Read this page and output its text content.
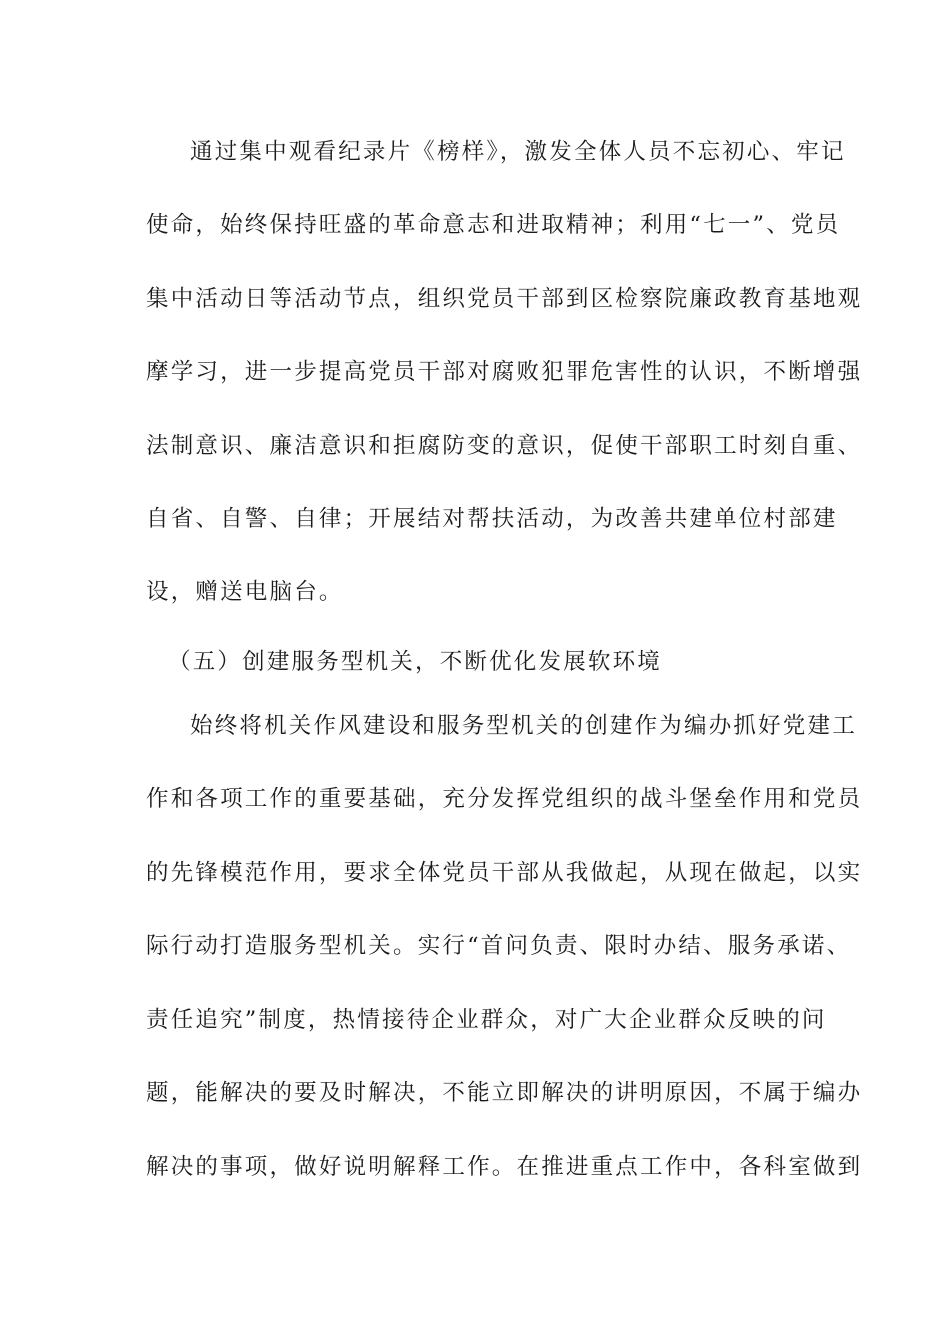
通过集中观看纪录片《榜样》，激发全体人员不忘初心、牢记
使命，始终保持旺盛的革命意志和进取精神；利用“七一”、党员
集中活动日等活动节点，组织党员干部到区检察院廉政教育基地观
摩学习，进一步提高党员干部对腐败犯罪危害性的认识，不断增强
法制意识、廉洁意识和拒腐防变的意识，促使干部职工时刻自重、
自省、自警、自律；开展结对帮扶活动，为改善共建单位村部建
设，赠送电脑台。
（五）创建服务型机关，不断优化发展软环境
始终将机关作风建设和服务型机关的创建作为编办抓好党建工
作和各项工作的重要基础，充分发挥党组织的战斗堡垒作用和党员
的先锋模范作用，要求全体党员干部从我做起，从现在做起，以实
际行动打造服务型机关。实行“首问负责、限时办结、服务承诺、
责任追究”制度，热情接待企业群众，对广大企业群众反映的问
题，能解决的要及时解决，不能立即解决的讲明原因，不属于编办
解决的事项，做好说明解释工作。在推进重点工作中，各科室做到
